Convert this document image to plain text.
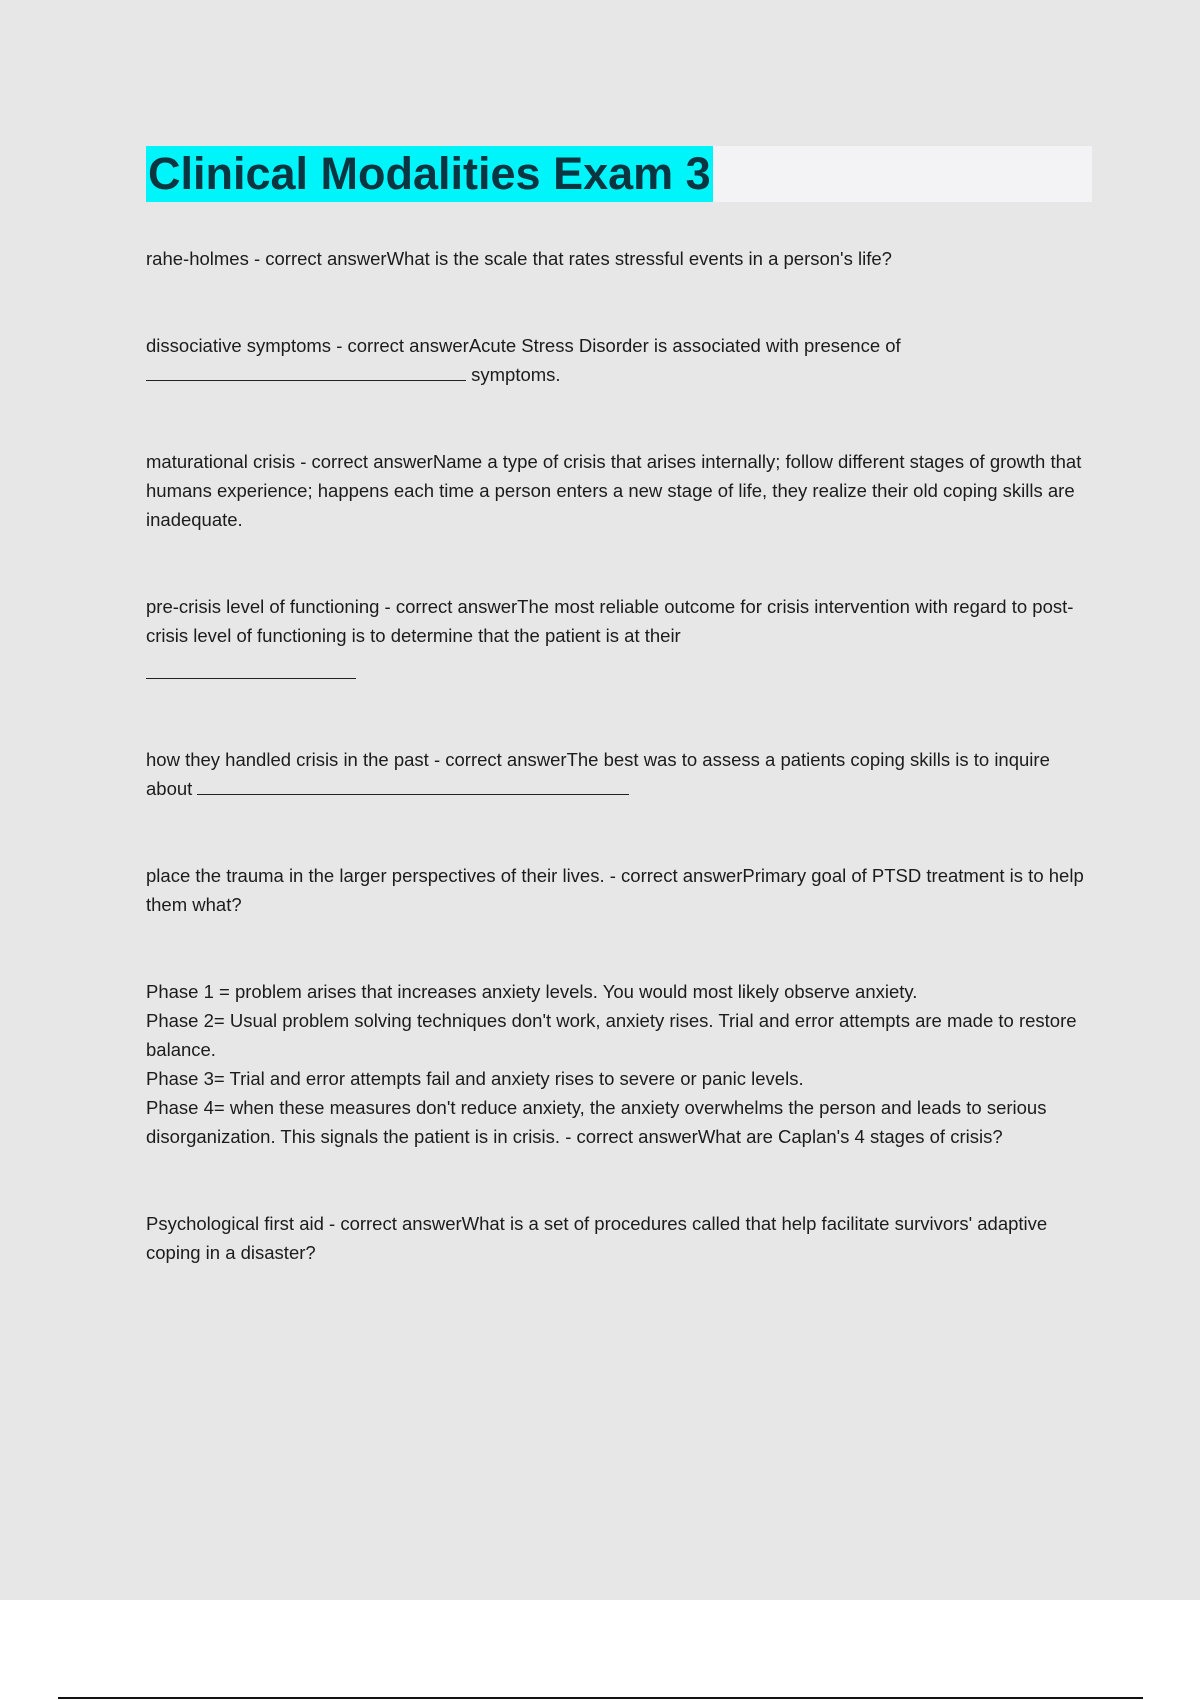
Clinical Modalities Exam 3

rahe-holmes - correct answerWhat is the scale that rates stressful events in a person's life?

dissociative symptoms - correct answerAcute Stress Disorder is associated with presence of

symptoms.

maturational crisis - correct answerName a type of crisis that arises internally; follow different stages of growth that humans experience; happens each time a person enters a new stage of life, they realize their old coping skills are inadequate.

pre-crisis level of functioning - correct answerThe most reliable outcome for crisis intervention with regard to post-crisis level of functioning is to determine that the patient is at their

how they handled crisis in the past - correct answerThe best was to assess a patients coping skills is to inquire about

place the trauma in the larger perspectives of their lives. - correct answerPrimary goal of PTSD treatment is to help them what?

Phase 1 = problem arises that increases anxiety levels. You would most likely observe anxiety.

Phase 2= Usual problem solving techniques don't work, anxiety rises. Trial and error attempts are made to restore balance.

Phase 3= Trial and error attempts fail and anxiety rises to severe or panic levels.

Phase 4= when these measures don't reduce anxiety, the anxiety overwhelms the person and leads to serious disorganization. This signals the patient is in crisis. - correct answerWhat are Caplan's 4 stages of crisis?

Psychological first aid - correct answerWhat is a set of procedures called that help facilitate survivors' adaptive coping in a disaster?
